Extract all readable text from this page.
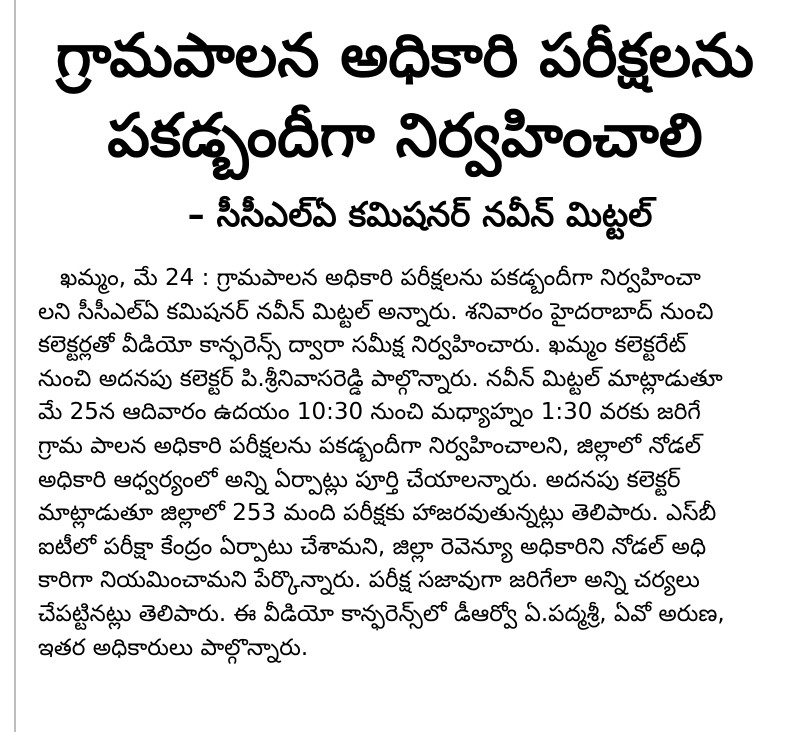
గ్రామపాలన అధికారి పరీక్షలను
పకడ్బందీగా నిర్వహించాలి

– సీసీఎల్‌ఏ కమిషనర్ నవీన్ మిట్టల్

ఖమ్మం, మే 24 : గ్రామపాలన అధికారి పరీక్షలను పకడ్బందీగా నిర్వహించా
లని సీసీఎల్‌ఏ కమిషనర్ నవీన్ మిట్టల్ అన్నారు. శనివారం హైదరాబాద్ నుంచి
కలెక్టర్లతో వీడియో కాన్ఫరెన్స్ ద్వారా సమీక్ష నిర్వహించారు. ఖమ్మం కలెక్టరేట్
నుంచి అదనపు కలెక్టర్ పి.శ్రీనివాసరెడ్డి పాల్గొన్నారు. నవీన్ మిట్టల్ మాట్లాడుతూ
మే 25న ఆదివారం ఉదయం 10:30 నుంచి మధ్యాహ్నం 1:30 వరకు జరిగే
గ్రామ పాలన అధికారి పరీక్షలను పకడ్బందీగా నిర్వహించాలని, జిల్లాలో నోడల్
అధికారి ఆధ్వర్యంలో అన్ని ఏర్పాట్లు పూర్తి చేయాలన్నారు. అదనపు కలెక్టర్
మాట్లాడుతూ జిల్లాలో 253 మంది పరీక్షకు హాజరవుతున్నట్లు తెలిపారు. ఎస్‌బీ
ఐటీలో పరీక్షా కేంద్రం ఏర్పాటు చేశామని, జిల్లా రెవెన్యూ అధికారిని నోడల్ అధి
కారిగా నియమించామని పేర్కొన్నారు. పరీక్ష సజావుగా జరిగేలా అన్ని చర్యలు
చేపట్టినట్లు తెలిపారు. ఈ వీడియో కాన్ఫరెన్స్‌లో డీఆర్వో ఏ.పద్మశ్రీ, ఏవో అరుణ,
ఇతర అధికారులు పాల్గొన్నారు.
